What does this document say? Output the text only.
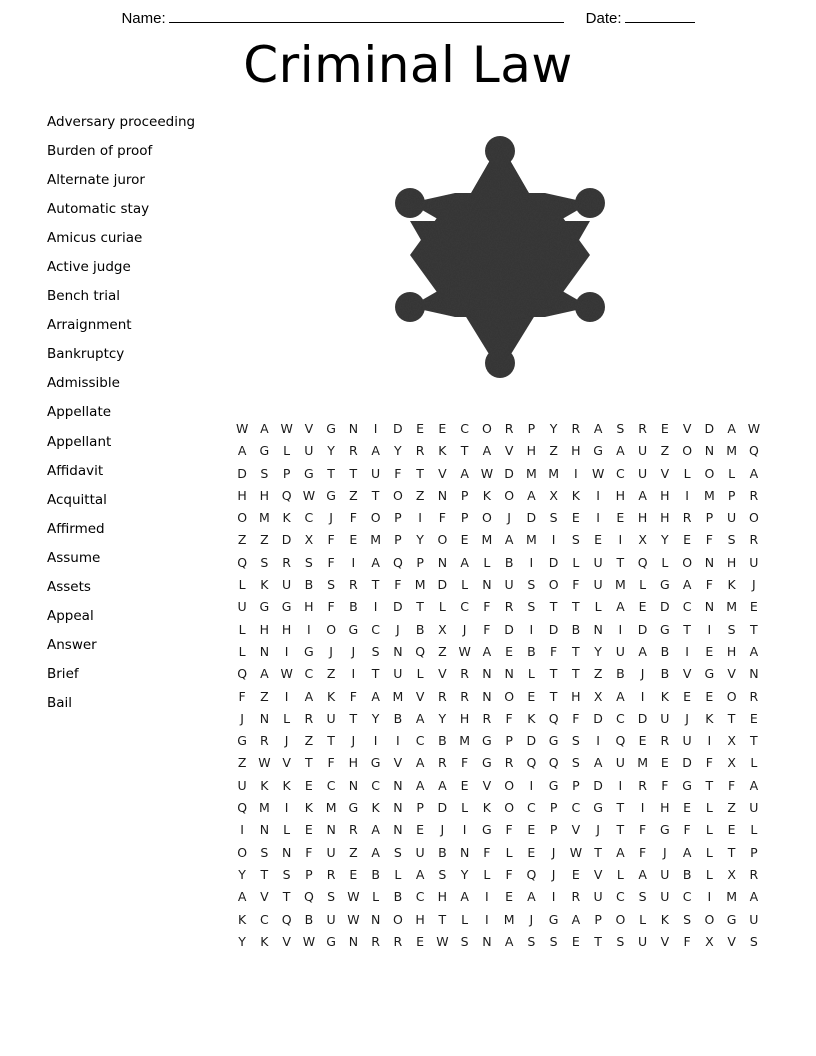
Name:	Date:
Criminal Law
Adversary proceeding
Burden of proof
Alternate juror
Automatic stay
Amicus curiae
Active judge
Bench trial
Arraignment
Bankruptcy
Admissible
Appellate
Appellant
Affidavit
Acquittal
Affirmed
Assume
Assets
Appeal
Answer
Brief
Bail
W A W V	G	N	I	D	E	E	C	O	R	P	Y	R	A	S	R	E	V	D	A W
A	G	L	U	Y	R	A	Y	R	K	T	A	V	H	Z	H	G	A	U	Z	O	N M Q
D	S	P	G	T	T	U	F	T	V	A W D M M	I	W C	U	V	L	O	L	A
H	H	Q W G	Z	T	O	Z	N	P	K	O	A	X	K	I	H	A	H	I	M	P	R
O M	K	C	J	F	O	P	I	F	P	O	J	D	S	E	I	E	H	H	R	P	U	O
Z	Z	D	X	F	E	M	P	Y	O	E	M	A	M	I	S	E	I	X	Y	E	F	S	R
Q	S	R	S	F	I	A	Q	P	N	A	L	B	I	D	L	U	T	Q	L	O	N	H	U
L	K	U	B	S	R	T	F	M D	L	N	U	S	O	F	U M	L	G	A	F	K	J
U	G	G	H	F	B	I	D	T	L	C	F	R	S	T	T	L	A	E	D	C	N M	E
L	H	H	I	O G	C	J	B	X	J	F	D	I	D	B	N	I	D	G	T	I	S	T
L	N	I	G	J	J	S	N	Q	Z W A	E	B	F	T	Y	U	A	B	I	E	H	A
Q	A W C	Z	I	T	U	L	V	R	N	N	L	T	T	Z	B	J	B	V	G	V	N
F	Z	I	A	K	F	A	M	V	R	R	N	O	E	T	H	X	A	I	K	E	E	O	R
J	N	L	R	U	T	Y	B	A	Y	H	R	F	K	Q	F	D	C	D	U	J	K	T	E
G	R	J	Z	T	J	I	I	C	B	M G	P	D	G	S	I	Q	E	R	U	I	X	T
Z W V	T	F	H	G	V	A	R	F	G	R	Q Q	S	A	U M	E	D	F	X	L
U	K	K	E	C	N	C	N	A	A	E	V	O	I	G	P	D	I	R	F	G	T	F	A
Q M	I	K	M G	K	N	P	D	L	K	O	C	P	C	G	T	I	H	E	L	Z	U
I	N	L	E	N	R	A	N	E	J	I	G	F	E	P	V	J	T	F	G	F	L	E	L
O	S	N	F	U	Z	A	S	U	B	N	F	L	E	J	W T	A	F	J	A	L	T	P
Y	T	S	P	R	E	B	L	A	S	Y	L	F	Q	J	E	V	L	A	U	B	L	X	R
A	V	T	Q	S W	L	B	C	H	A	I	E	A	I	R	U	C	S	U	C	I	M	A
K	C	Q	B	U W N	O	H	T	L	I	M	J	G	A	P	O	L	K	S	O G	U
Y	K	V W G	N	R	R	E W S	N	A	S	S	E	T	S	U	V	F	X	V	S
